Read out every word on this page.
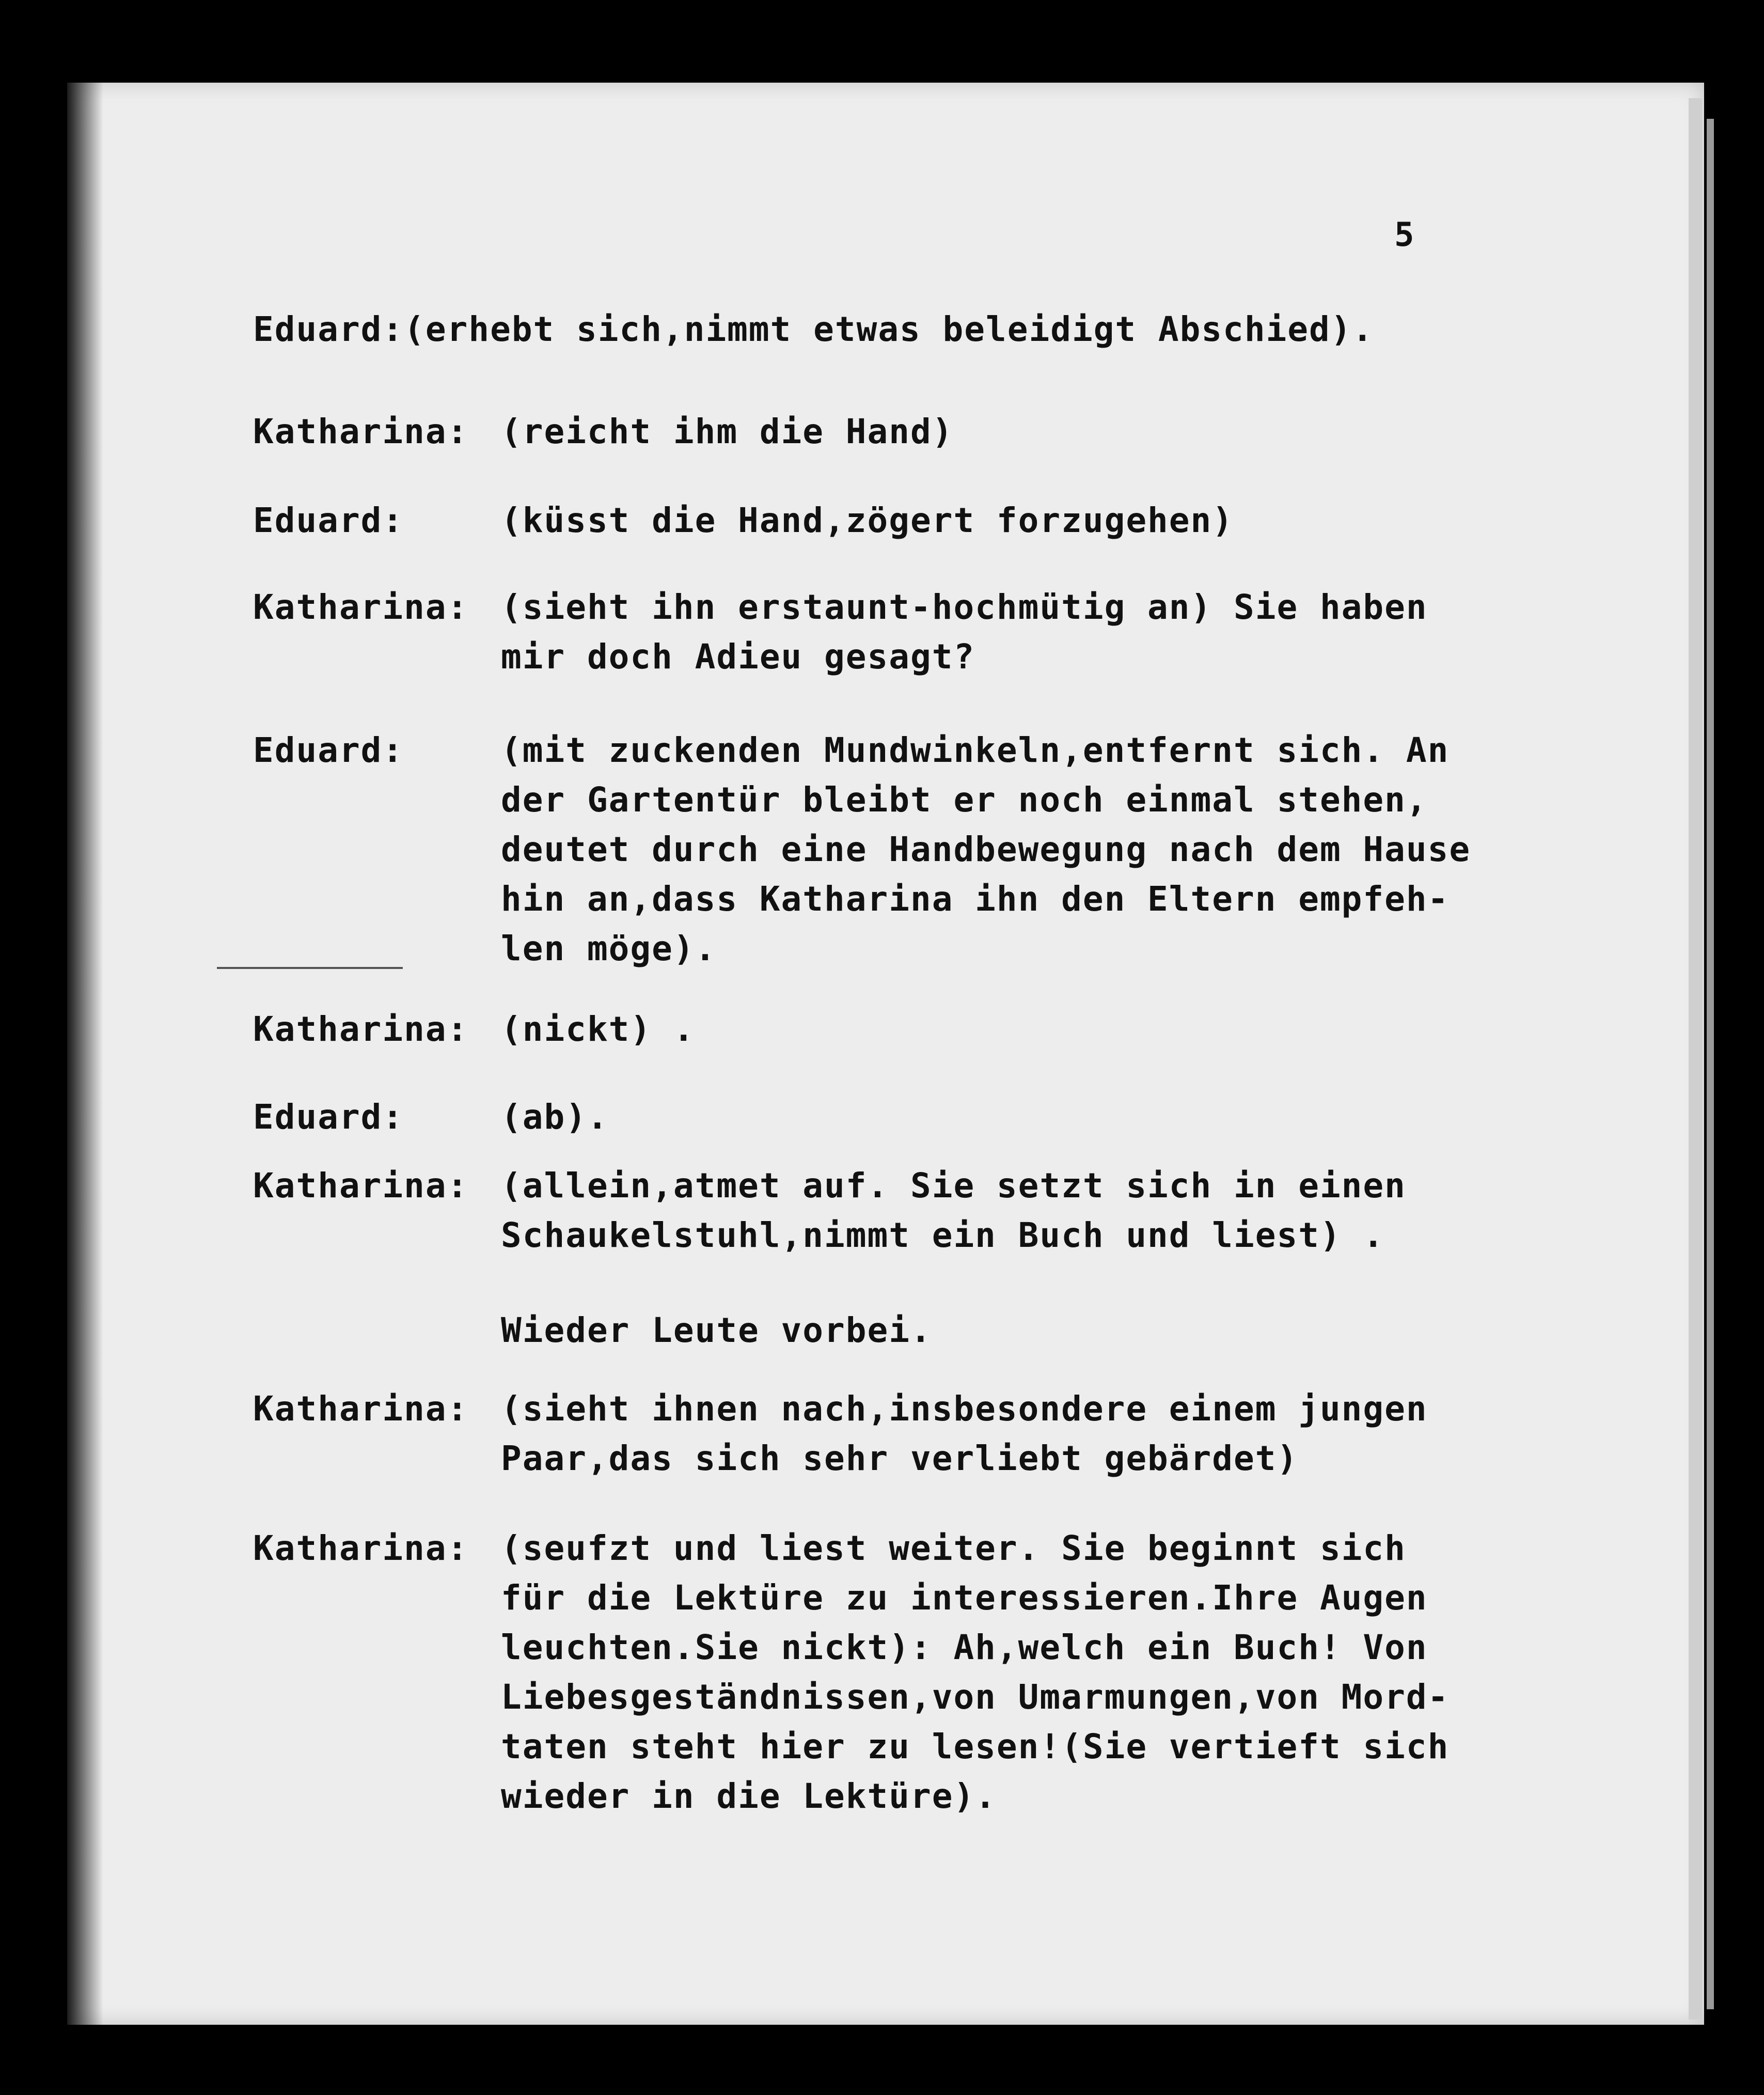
5
Eduard:(erhebt sich,nimmt etwas beleidigt Abschied).
Katharina: (reicht ihm die Hand)
Eduard:	(küsst die Hand,zögert forzugehen)
Katharina: (sieht ihn erstaunt-hochmütig an) Sie haben
mir doch Adieu gesagt?
Eduard:	(mit zuckenden Mundwinkeln,entfernt sich. An
der Gartentür bleibt er noch einmal stehen,
deutet durch eine Handbewegung nach dem Hause
hin an,dass Katharina ihn den Eltern empfeh-
len möge).
Katharina: (nickt) .
Eduard:	(ab).
Katharina: (allein,atmet auf. Sie setzt sich in einen
Schaukelstuhl,nimmt ein Buch und liest) .
Wieder Leute vorbei.
Katharina: (sieht ihnen nach,insbesondere einem jungen
Paar,das sich sehr verliebt gebärdet)
Katharina: (seufzt und liest weiter. Sie beginnt sich
für die Lektüre zu interessieren.Ihre Augen
leuchten.Sie nickt): Ah,welch ein Buch! Von
Liebesgeständnissen,von Umarmungen,von Mord-
taten steht hier zu lesen!(Sie vertieft sich
wieder in die Lektüre).
